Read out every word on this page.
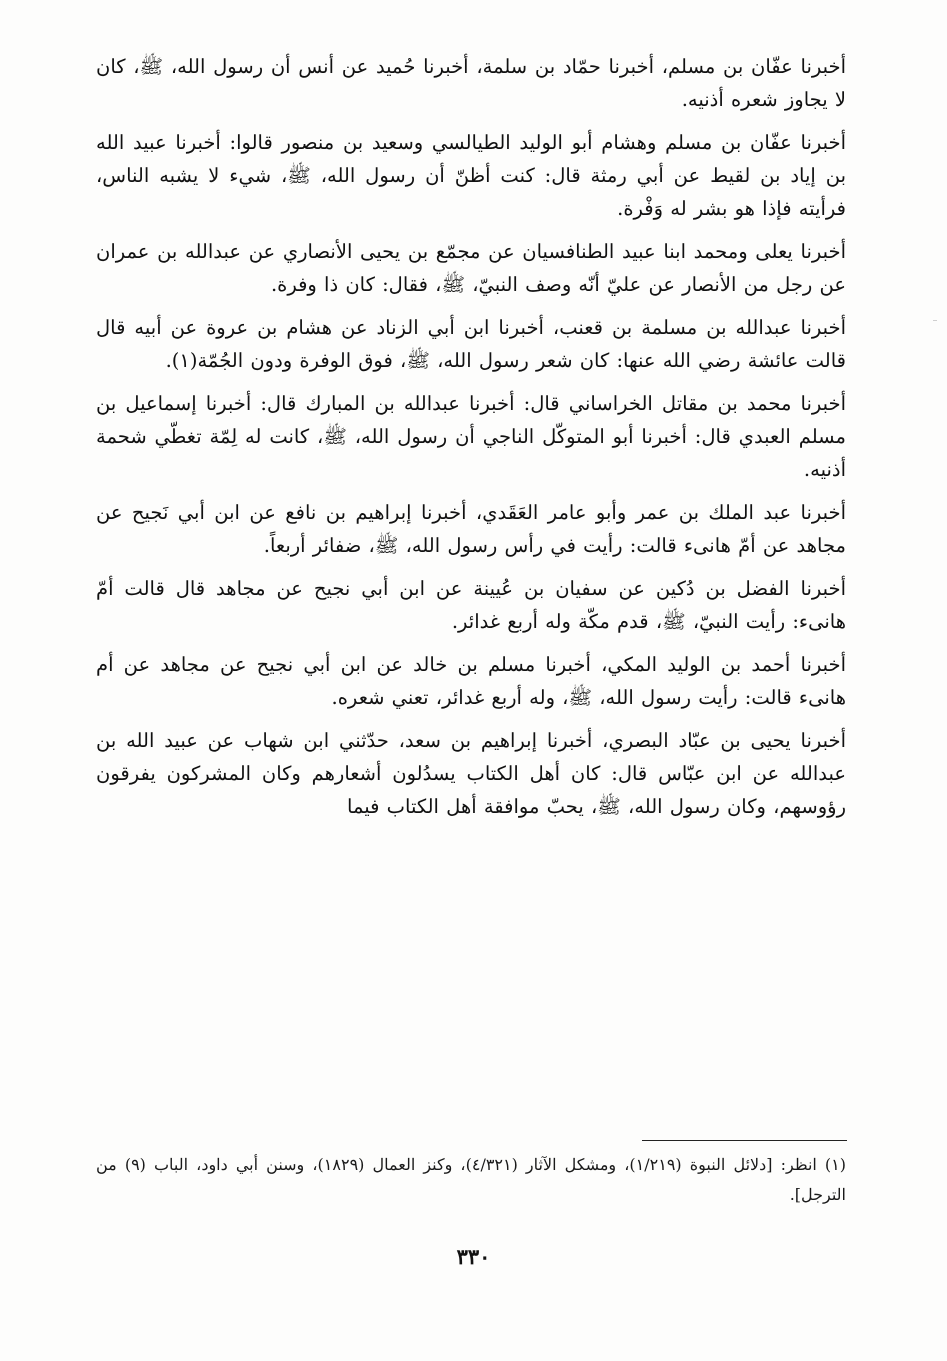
أخبرنا عفّان بن مسلم، أخبرنا حمّاد بن سلمة، أخبرنا حُميد عن أنس أن رسول الله، ﷺ، كان لا يجاوز شعره أذنيه.

أخبرنا عفّان بن مسلم وهشام أبو الوليد الطيالسي وسعيد بن منصور قالوا: أخبرنا عبيد الله بن إياد بن لقيط عن أبي رمثة قال: كنت أظنّ أن رسول الله، ﷺ، شيء لا يشبه الناس، فرأيته فإذا هو بشر له وَفْرة.

أخبرنا يعلى ومحمد ابنا عبيد الطنافسيان عن مجمّع بن يحيى الأنصاري عن عبدالله بن عمران عن رجل من الأنصار عن عليّ أنّه وصف النبيّ، ﷺ، فقال: كان ذا وفرة.

أخبرنا عبدالله بن مسلمة بن قعنب، أخبرنا ابن أبي الزناد عن هشام بن عروة عن أبيه قال قالت عائشة رضي الله عنها: كان شعر رسول الله، ﷺ، فوق الوفرة ودون الجُمّة(١).

أخبرنا محمد بن مقاتل الخراساني قال: أخبرنا عبدالله بن المبارك قال: أخبرنا إسماعيل بن مسلم العبدي قال: أخبرنا أبو المتوكّل الناجي أن رسول الله، ﷺ، كانت له لِمّة تغطّي شحمة أذنيه.

أخبرنا عبد الملك بن عمر وأبو عامر العَقَدي، أخبرنا إبراهيم بن نافع عن ابن أبي نَجيح عن مجاهد عن أمّ هانىء قالت: رأيت في رأس رسول الله، ﷺ، ضفائر أربعاً.

أخبرنا الفضل بن دُكين عن سفيان بن عُيينة عن ابن أبي نجيح عن مجاهد قال قالت أمّ هانىء: رأيت النبيّ، ﷺ، قدم مكّة وله أربع غدائر.

أخبرنا أحمد بن الوليد المكي، أخبرنا مسلم بن خالد عن ابن أبي نجيح عن مجاهد عن أم هانىء قالت: رأيت رسول الله، ﷺ، وله أربع غدائر، تعني شعره.

أخبرنا يحيى بن عبّاد البصري، أخبرنا إبراهيم بن سعد، حدّثني ابن شهاب عن عبيد الله بن عبدالله عن ابن عبّاس قال: كان أهل الكتاب يسدُلون أشعارهم وكان المشركون يفرقون رؤوسهم، وكان رسول الله، ﷺ، يحبّ موافقة أهل الكتاب فيما

(١) انظر: [دلائل النبوة (١/٢١٩)، ومشكل الآثار (٤/٣٢١)، وكنز العمال (١٨٢٩)، وسنن أبي داود، الباب (٩) من الترجل].
٣٣٠
